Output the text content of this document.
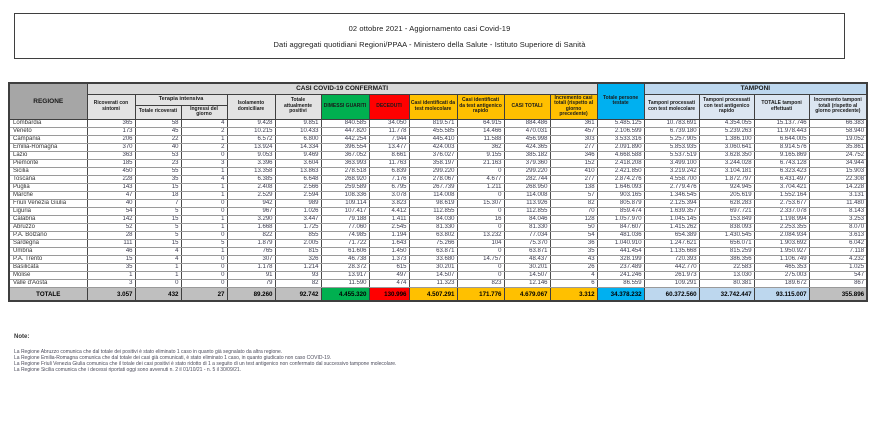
02 ottobre 2021 - Aggiornamento casi Covid-19
Dati aggregati quotidiani Regioni/PPAA - Ministero della Salute - Istituto Superiore di Sanità
REGIONE	CASI COVID-19 CONFERMATI											Totale persone testate	TAMPONI			
	Ricoverati con sintomi	Terapia intensiva		Isolamento domiciliare	Totale attualmente positivi	DIMESSI GUARITI	DECEDUTI	Casi identificati da test molecolare	Casi identificati da test antigenico rapido	CASI TOTALI	Incremento casi totali (rispetto al giorno precedente)		Tamponi processati con test molecolare	Tamponi processati con test antigenico rapido	TOTALE tamponi effettuati	Incremento tamponi totali (rispetto al giorno precedente)
		Totale ricoverati	Ingressi del giorno													
Lombardia	365	58	4	9.428	9.851	840.585	34.050	819.571	64.915	884.486	361	5.485.125	10.783.691	4.354.055	15.137.746	66.383
Veneto	173	45	2	10.215	10.433	447.820	11.778	455.585	14.466	470.031	457	2.106.599	6.739.180	5.239.263	11.978.443	58.940
Campania	206	22	1	6.572	6.800	442.254	7.944	445.410	11.588	456.998	303	3.533.316	5.257.905	1.386.100	6.644.005	19.052
Emilia-Romagna	370	40	2	13.924	14.334	396.554	13.477	424.003	362	424.365	277	2.091.890	5.853.935	3.060.641	8.914.576	35.861
Lazio	363	53	0	9.053	9.469	367.052	8.661	376.027	9.155	385.182	346	4.668.588	5.537.519	3.628.350	9.165.869	24.752
Piemonte	185	23	3	3.396	3.604	363.993	11.763	358.197	21.163	379.360	152	2.418.208	3.499.100	3.244.028	6.743.128	34.944
Sicilia	450	55	1	13.358	13.863	278.518	6.839	299.220	0	299.220	410	2.421.850	3.219.242	3.104.181	6.323.423	15.903
Toscana	228	35	4	6.385	6.648	268.920	7.176	278.067	4.677	282.744	277	2.874.276	4.558.700	1.872.797	6.431.497	22.308
Puglia	143	15	1	2.408	2.566	259.589	6.795	267.739	1.211	268.950	138	1.646.093	2.779.476	924.945	3.704.421	14.228
Marche	47	18	1	2.529	2.594	108.336	3.078	114.008	0	114.008	57	903.165	1.346.545	205.619	1.552.164	3.131
Friuli Venezia Giulia	40	7	0	942	989	109.114	3.823	98.619	15.307	113.926	82	805.879	2.125.394	628.283	2.753.677	11.480
Liguria	54	5	0	967	1.026	107.417	4.412	112.855	0	112.855	70	859.474	1.639.357	697.721	2.337.078	8.143
Calabria	142	15	1	3.290	3.447	79.188	1.411	84.030	16	84.046	128	1.057.970	1.045.145	153.849	1.198.994	3.253
Abruzzo	52	5	1	1.668	1.725	77.060	2.545	81.330	0	81.330	50	847.607	1.415.262	838.093	2.253.355	8.070
P.A. Bolzano	28	5	0	822	855	74.985	1.194	63.802	13.232	77.034	54	481.036	654.389	1.430.545	2.084.934	3.613
Sardegna	111	15	5	1.879	2.005	71.722	1.643	75.266	104	75.370	36	1.040.910	1.247.621	656.071	1.903.692	6.042
Umbria	46	4	1	765	815	61.606	1.450	63.871	0	63.871	35	441.454	1.135.668	815.259	1.950.927	7.118
P.A. Trento	15	4	0	307	326	46.738	1.373	33.680	14.757	48.437	43	328.199	720.393	386.356	1.106.749	4.232
Basilicata	35	1	0	1.178	1.214	28.372	615	30.201	0	30.201	26	237.489	442.770	22.583	465.353	1.025
Molise	1	1	0	91	93	13.917	497	14.507	0	14.507	4	241.246	261.973	13.030	275.003	547
Valle d'Aosta	3	0	0	79	82	11.590	474	11.323	823	12.146	6	86.559	109.291	80.381	189.672	867
TOTALE	3.057	432	27	89.260	92.742	4.455.320	130.996	4.507.291	171.776	4.679.067	3.312	34.378.232	60.372.560	32.742.447	93.115.007	355.896
Note:
La Regione Abruzzo comunica che dal totale dei positivi è stato eliminato 1 caso in quanto già segnalato da altra regione.
La Regione Emilia-Romagna comunica che dal totale dei casi già comunicati, è stato eliminato 1 caso, in quanto giudicato non caso COVID-19.
La Regione Friuli Venezia Giulia comunica che il totale dei casi positivi è stato ridotto di 1 a seguito di un test antigenico non confermato dal successivo tampone molecolare.
La Regione Sicilia comunica che i decessi riportati oggi sono avvenuti n. 2 il 01/10/21 - n. 5 il 30/09/21.
